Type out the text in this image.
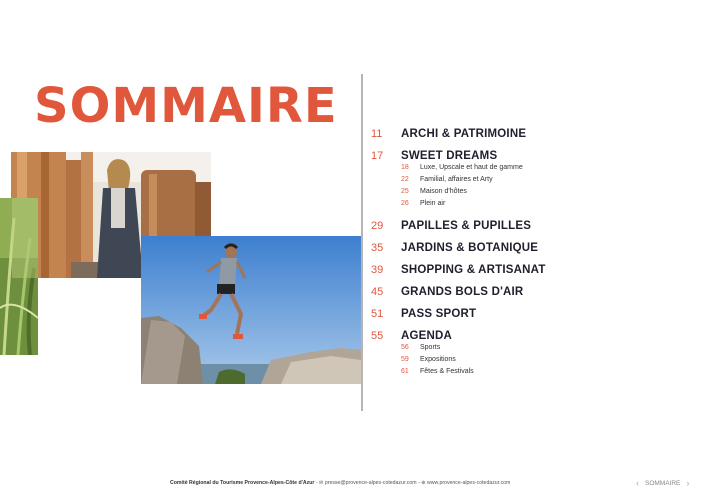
SOMMAIRE	11	ARCHI & PATRIMOINE
17	SWEET DREAMS
18	Luxe, Upscale et haut de gamme
22	Familial, affaires et Arty
25	Maison d'hôtes
26	Plein air
29	PAPILLES & PUPILLES
35	JARDINS & BOTANIQUE
39	SHOPPING & ARTISANAT
45	GRANDS BOLS D'AIR
51	PASS SPORT
55	AGENDA
56	Sports
59	Expositions
61	Fêtes & Festivals
Comité Régional du Tourisme Provence-Alpes-Côte d'Azur - ✉ presse@provence-alpes-cotedazur.com - ⊕ www.provence-alpes-cotedazur.com	‹ SOMMAIRE ›
